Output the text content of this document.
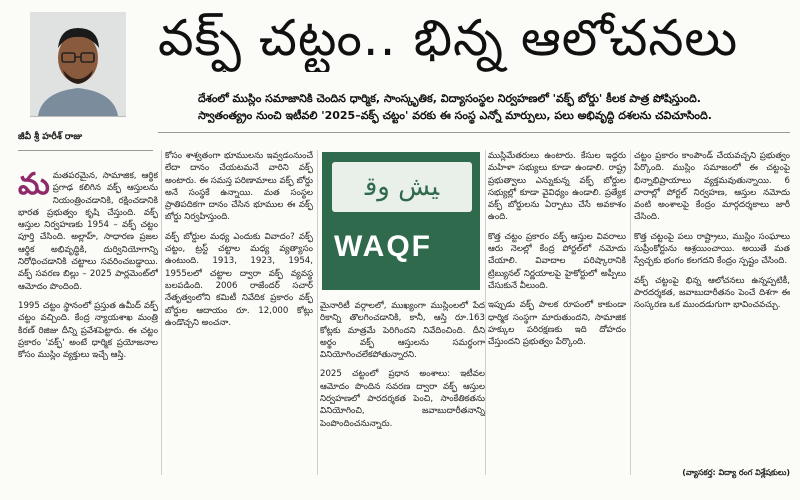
వక్ఫ్ చట్టం.. భిన్న ఆలోచనలు
దేశంలో ముస్లిం సమాజానికి చెందిన ధార్మిక, సాంస్కృతిక, విద్యాసంస్థల నిర్వహణలో 'వక్ఫ్ బోర్డు' కీలక పాత్ర పోషిస్తుంది.
స్వాతంత్య్రం నుంచి ఇటీవలి '2025–వక్ఫ్ చట్టం' వరకు ఈ సంస్థ ఎన్నో మార్పులు, పలు అభివృద్ధి దశలను చవిచూసింది.
జీవీ శ్రీ హరీశ్ రాజు

మమతపరమైన, సామాజిక, ఆర్థిక ప్రగాఢ కలిగిన వక్ఫ్ ఆస్తులను నియంత్రించడానికి, రక్షించడానికి భారత ప్రభుత్వం కృషి చేస్తుంది. వక్ఫ్ ఆస్తుల నిర్వహణకు 1954 – వక్ఫ్ చట్టం పూర్తి చేసింది. అల్లాహ్, సాధారణ ప్రజల ఆర్థిక అభివృద్ధికి, దుర్వినియోగాన్ని నిరోధించడానికి చట్టాలు సవరించబడ్డాయి. వక్ఫ్ సవరణ బిల్లు – 2025 పార్లమెంట్‌లో ఆమోదం పొందింది.

1995 చట్టం స్థానంలో ప్రస్తుత ఉమీద్ వక్ఫ్ చట్టం వచ్చింది. కేంద్ర న్యాయశాఖ మంత్రి కిరణ్ రిజిజు దీన్ని ప్రవేశపెట్టారు. ఈ చట్టం ప్రకారం 'వక్ఫ్' అంటే ధార్మిక ప్రయోజనాల కోసం ముస్లిం వ్యక్తులు ఇచ్చే ఆస్తి.

కోసం శాశ్వతంగా భూములను ఇవ్వడంనుంచే లేదా దానం చేయటమనే వారిని వక్ఫ్ అంటారు. ఈ సమస్త పరిణామాలు వక్ఫ్ బోర్డు అనే సంస్థకే ఉన్నాయి. మత సంస్థల ప్రాతిపదికగా దానం చేసిన భూముల ఈ వక్ఫ్ బోర్డు నిర్వహిస్తుంది.

వక్ఫ్ బోర్డుల మధ్య ఎందుకు వివాదం? వక్ఫ్ చట్టం, ట్రస్ట్ చట్టాల మధ్య వ్యత్యాసం ఉంటుంది. 1913, 1923, 1954, 1955లలో చట్టాల ద్వారా వక్ఫ్ వ్యవస్థ బలపడింది. 2006 రాజేందర్ సచార్ నేతృత్వంలోని కమిటీ నివేదిక ప్రకారం వక్ఫ్ బోర్డుల ఆదాయం రూ. 12,000 కోట్లు ఉండొచ్చని అంచనా.

ﻴﺶ ﻭﻗ
WAQF

మైనారిటీ వర్గాలలో, ముఖ్యంగా ముస్లింలలో పేద రికాన్ని తొలగించడానికి, కానీ, ఆస్తి రూ.163 కోట్లకు మాత్రమే పెరిగిందని నివేదించింది. దీని అర్థం వక్ఫ్ ఆస్తులను సమర్థంగా వినియోగించలేకపోతున్నారని.

2025 చట్టంలో ప్రధాన అంశాలు: ఇటీవల ఆమోదం పొందిన సవరణ ద్వారా వక్ఫ్ ఆస్తుల నిర్వహణలో పారదర్శకత పెంచి, సాంకేతికతను వినియోగించి, జవాబుదారీతనాన్ని పెంపొందించనున్నారు.

ముస్లిమేతరులు ఉంటారు. కేసుల ఇద్దరు మహిళా సభ్యులు కూడా ఉండాలి. రాష్ట్ర ప్రభుత్వాలు ఎన్నుకున్న వక్ఫ్ బోర్డుల సభ్యుల్లో కూడా వైవిధ్యం ఉండాలి. ప్రత్యేక వక్ఫ్ బోర్డులను ఏర్పాటు చేసే అవకాశం ఉంది.

కొత్త చట్టం ప్రకారం వక్ఫ్ ఆస్తుల వివరాలు ఆరు నెలల్లో కేంద్ర పోర్టల్‌లో నమోదు చేయాలి. వివాదాల పరిష్కారానికి ట్రిబ్యునల్ నిర్ణయాలపై హైకోర్టులో అప్పీలు చేసుకునే వీలుంది.

ఇప్పుడు వక్ఫ్ పాలక రూపంలో కాకుండా ధార్మిక సంస్థగా మారుతుందని, సామాజిక హక్కుల పరిరక్షణకు ఇది దోహదం చేస్తుందని ప్రభుత్వం పేర్కొంది.

చట్టం ప్రకారం కాంపౌండ్ చేయవచ్చని ప్రభుత్వం పేర్కొంది. ముస్లిం సమాజంలో ఈ చట్టంపై భిన్నాభిప్రాయాలు వ్యక్తమవుతున్నాయి. 6 వారాల్లో పోర్టల్ నిర్వహణ, ఆస్తుల నమోదు వంటి అంశాలపై కేంద్రం మార్గదర్శకాలు జారీ చేసింది.

కొత్త చట్టంపై పలు రాష్ట్రాలు, ముస్లిం సంఘాలు సుప్రీంకోర్టును ఆశ్రయించాయి. అయితే మత స్వేచ్ఛకు భంగం కలగదని కేంద్రం స్పష్టం చేసింది.

వక్ఫ్ చట్టంపై భిన్న ఆలోచనలు ఉన్నప్పటికీ, పారదర్శకత, జవాబుదారీతనం పెంచే దిశగా ఈ సంస్కరణ ఒక ముందడుగుగా భావించవచ్చు.

(వ్యాసకర్త: విద్యా రంగ విశ్లేషకులు)
